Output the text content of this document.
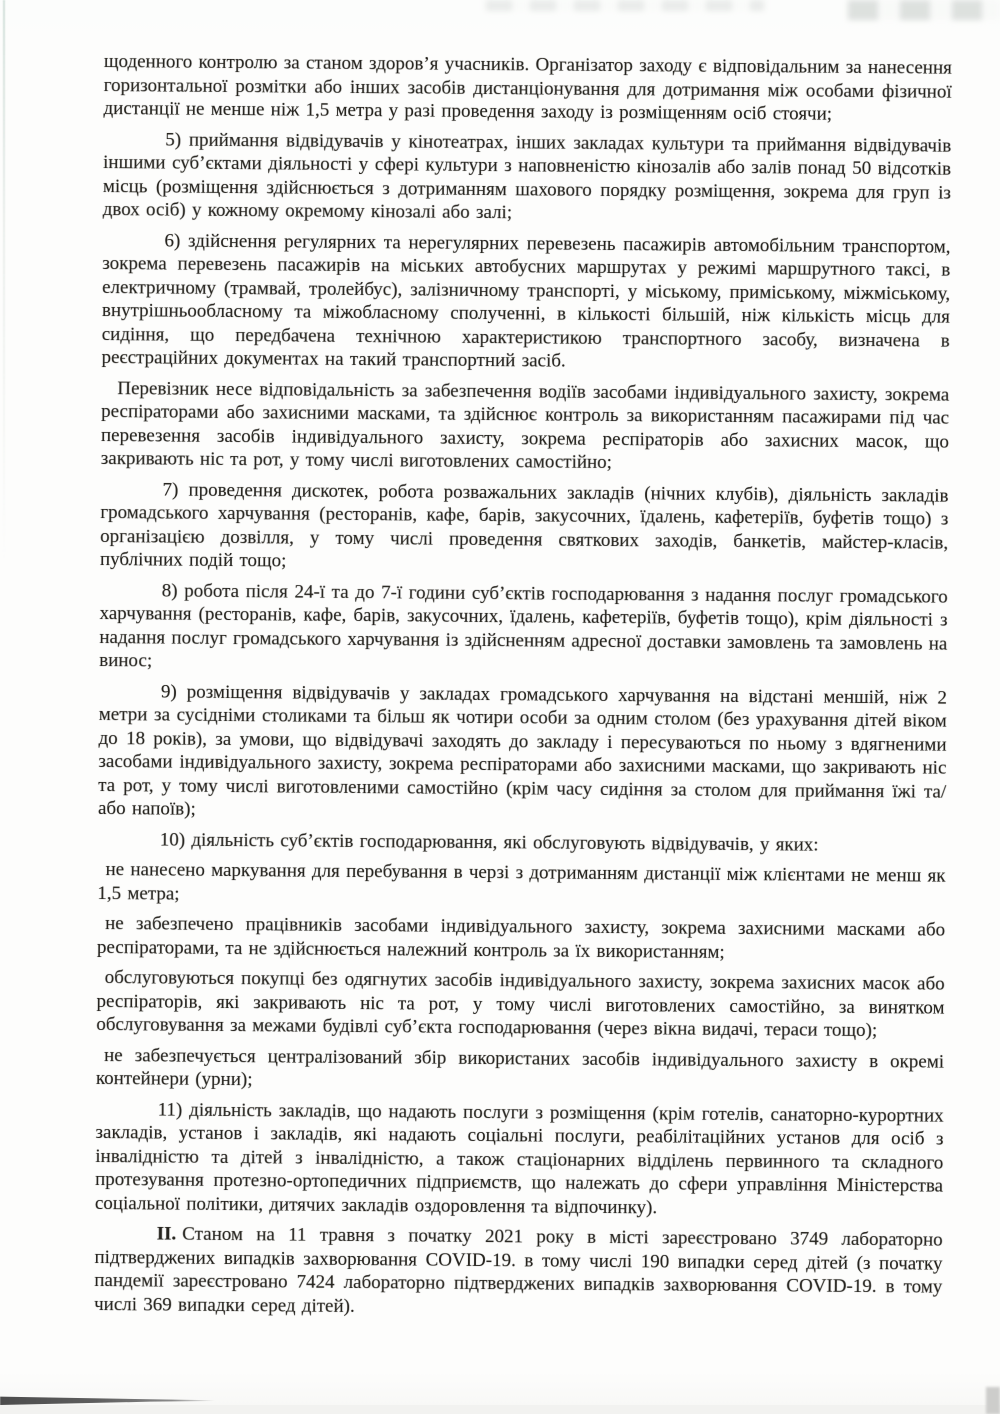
щоденного контролю за станом здоров’я учасників. Організатор заходу є відповідальним за нанесення горизонтальної розмітки або інших засобів дистанціонування для дотримання між особами фізичної дистанції не менше ніж 1,5 метра у разі проведення заходу із розміщенням осіб стоячи;

5) приймання відвідувачів у кінотеатрах, інших закладах культури та приймання відвідувачів іншими суб’єктами діяльності у сфері культури з наповненістю кінозалів або залів понад 50 відсотків місць (розміщення здійснюється з дотриманням шахового порядку розміщення, зокрема для груп із двох осіб) у кожному окремому кінозалі або залі;

6) здійснення регулярних та нерегулярних перевезень пасажирів автомобільним транспортом, зокрема перевезень пасажирів на міських автобусних маршрутах у режимі маршрутного таксі, в електричному (трамвай, тролейбус), залізничному транспорті, у міському, приміському, міжміському, внутрішньообласному та міжобласному сполученні, в кількості більшій, ніж кількість місць для сидіння, що передбачена технічною характеристикою транспортного засобу, визначена в реєстраційних документах на такий транспортний засіб.

Перевізник несе відповідальність за забезпечення водіїв засобами індивідуального захисту, зокрема респіраторами або захисними масками, та здійснює контроль за використанням пасажирами під час перевезення засобів індивідуального захисту, зокрема респіраторів або захисних масок, що закривають ніс та рот, у тому числі виготовлених самостійно;

7) проведення дискотек, робота розважальних закладів (нічних клубів), діяльність закладів громадського харчування (ресторанів, кафе, барів, закусочних, їдалень, кафетеріїв, буфетів тощо) з організацією дозвілля, у тому числі проведення святкових заходів, банкетів, майстер-класів, публічних подій тощо;

8) робота після 24-ї та до 7-ї години суб’єктів господарювання з надання послуг громадського харчування (ресторанів, кафе, барів, закусочних, їдалень, кафетеріїв, буфетів тощо), крім діяльності з надання послуг громадського харчування із здійсненням адресної доставки замовлень та замовлень на винос;

9) розміщення відвідувачів у закладах громадського харчування на відстані меншій, ніж 2 метри за сусідніми столиками та більш як чотири особи за одним столом (без урахування дітей віком до 18 років), за умови, що відвідувачі заходять до закладу і пересуваються по ньому з вдягненими засобами індивідуального захисту, зокрема респіраторами або захисними масками, що закривають ніс та рот, у тому числі виготовленими самостійно (крім часу сидіння за столом для приймання їжі та/або напоїв);

10) діяльність суб’єктів господарювання, які обслуговують відвідувачів, у яких:

не нанесено маркування для перебування в черзі з дотриманням дистанції між клієнтами не менш як 1,5 метра;

не забезпечено працівників засобами індивідуального захисту, зокрема захисними масками або респіраторами, та не здійснюється належний контроль за їх використанням;

обслуговуються покупці без одягнутих засобів індивідуального захисту, зокрема захисних масок або респіраторів, які закривають ніс та рот, у тому числі виготовлених самостійно, за винятком обслуговування за межами будівлі суб’єкта господарювання (через вікна видачі, тераси тощо);

не забезпечується централізований збір використаних засобів індивідуального захисту в окремі контейнери (урни);

11) діяльність закладів, що надають послуги з розміщення (крім готелів, санаторно-курортних закладів, установ і закладів, які надають соціальні послуги, реабілітаційних установ для осіб з інвалідністю та дітей з інвалідністю, а також стаціонарних відділень первинного та складного протезування протезно-ортопедичних підприємств, що належать до сфери управління Міністерства соціальної політики, дитячих закладів оздоровлення та відпочинку).

ІІ. Станом на 11 травня з початку 2021 року в місті зареєстровано 3749 лабораторно підтверджених випадків захворювання COVID-19. в тому числі 190 випадки серед дітей (з початку пандемії зареєстровано 7424 лабораторно підтверджених випадків захворювання COVID-19. в тому числі 369 випадки серед дітей).
